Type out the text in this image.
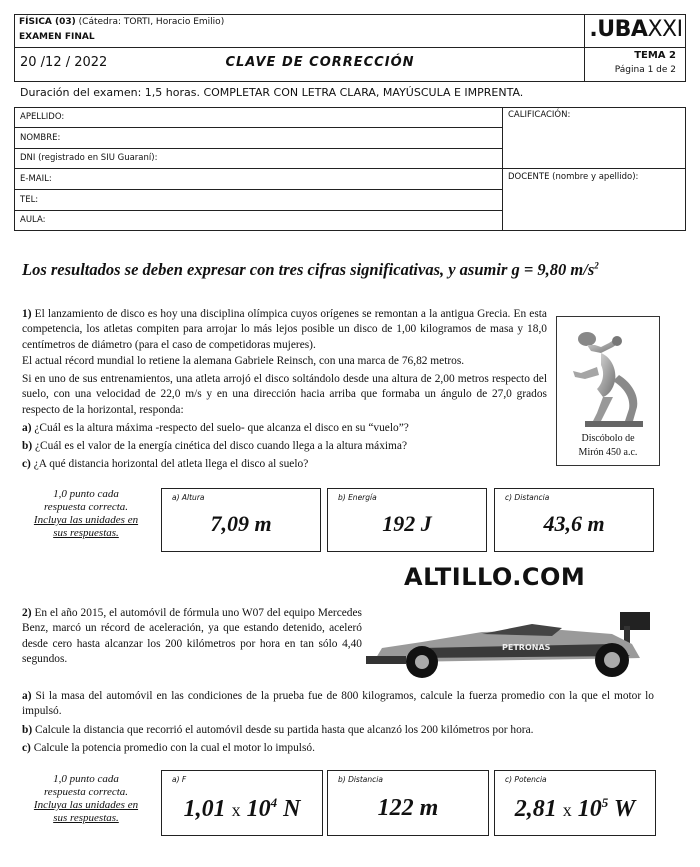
FÍSICA (03) (Cátedra: TORTI, Horacio Emilio)
EXAMEN FINAL	.UBAXXI
20 /12 / 2022	CLAVE DE CORRECCIÓN	TEMA 2
Página 1 de 2
Duración del examen: 1,5 horas. COMPLETAR CON LETRA CLARA, MAYÚSCULA E IMPRENTA.
APELLIDO:
NOMBRE:
DNI (registrado en SIU Guaraní):
E-MAIL:
TEL:
AULA:
CALIFICACIÓN:
DOCENTE (nombre y apellido):
Los resultados se deben expresar con tres cifras significativas, y asumir g = 9,80 $m/s^2$
1) El lanzamiento de disco es hoy una disciplina olímpica cuyos orígenes se remontan a la antigua Grecia. En esta competencia, los atletas compiten para arrojar lo más lejos posible un disco de 1,00 kilogramos de masa y 18,0 centímetros de diámetro (para el caso de competidoras mujeres).
El actual récord mundial lo retiene la alemana Gabriele Reinsch, con una marca de 76,82 metros.
Si en uno de sus entrenamientos, una atleta arrojó el disco soltándolo desde una altura de 2,00 metros respecto del suelo, con una velocidad de 22,0 m/s y en una dirección hacia arriba que formaba un ángulo de 27,0 grados respecto de la horizontal, responda:
a) ¿Cuál es la altura máxima -respecto del suelo- que alcanza el disco en su “vuelo”?
b) ¿Cuál es el valor de la energía cinética del disco cuando llega a la altura máxima?
c) ¿A qué distancia horizontal del atleta llega el disco al suelo?
Discóbolo de
Mirón 450 a.c.
1,0 punto cada
respuesta correcta.
Incluya las unidades en
sus respuestas.
a) Altura
7,09 m
b) Energía
192 J
c) Distancia
43,6 m
ALTILLO.COM
2) En el año 2015, el automóvil de fórmula uno W07 del equipo Mercedes Benz, marcó un récord de aceleración, ya que estando detenido, aceleró desde cero hasta alcanzar los 200 kilómetros por hora en tan sólo 4,40 segundos.
PETRONAS
a) Si la masa del automóvil en las condiciones de la prueba fue de 800 kilogramos, calcule la fuerza promedio con la que el motor lo impulsó.
b) Calcule la distancia que recorrió el automóvil desde su partida hasta que alcanzó los 200 kilómetros por hora.
c) Calcule la potencia promedio con la cual el motor lo impulsó.
1,0 punto cada
respuesta correcta.
Incluya las unidades en
sus respuestas.
a) F
1,01 x $10^4$ N
b) Distancia
122 m
c) Potencia
2,81 x $10^5$ W
